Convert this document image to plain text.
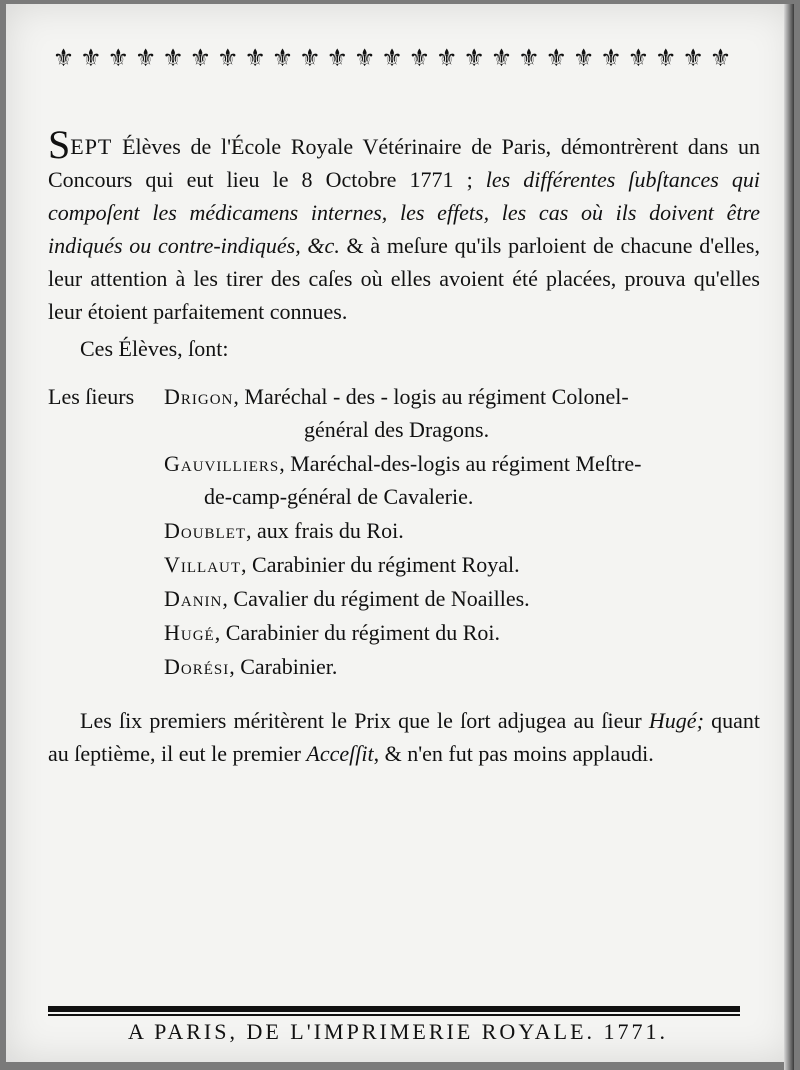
⚜ ⚜ ⚜ ⚜ ⚜ ⚜ ⚜ ⚜ ⚜ ⚜ ⚜ ⚜ ⚜ ⚜ ⚜ ⚜ ⚜ ⚜ ⚜ ⚜ ⚜ ⚜ ⚜ ⚜ ⚜
SEPT Élèves de l'École Royale Vétérinaire de Paris, démontrèrent dans un Concours qui eut lieu le 8 Octobre 1771 ; les différentes ſubſtances qui compoſent les médicamens internes, les effets, les cas où ils doivent être indiqués ou contre-indiqués, &c. & à meſure qu'ils parloient de chacune d'elles, leur attention à les tirer des caſes où elles avoient été placées, prouva qu'elles leur étoient parfaitement connues.
Ces Élèves, ſont:
Les ſieurs Drigon, Maréchal - des - logis au régiment Colonel-
général des Dragons.
Gauvilliers, Maréchal-des-logis au régiment Meſtre-
de-camp-général de Cavalerie.
Doublet, aux frais du Roi.
Villaut, Carabinier du régiment Royal.
Danin, Cavalier du régiment de Noailles.
Hugé, Carabinier du régiment du Roi.
Dorési, Carabinier.
Les ſix premiers méritèrent le Prix que le ſort adjugea au ſieur Hugé; quant au ſeptième, il eut le premier Acceſſit, & n'en fut pas moins applaudi.
A PARIS, DE L'IMPRIMERIE ROYALE. 1771.
